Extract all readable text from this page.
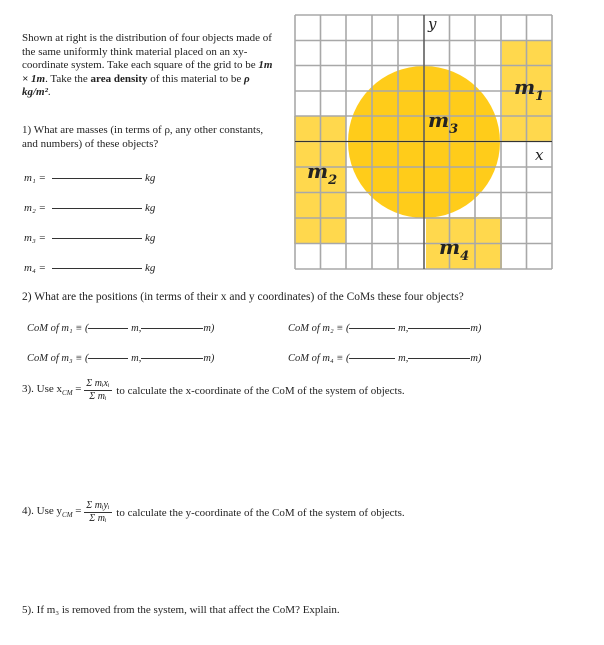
Shown at right is the distribution of four objects made of the same uniformly think material placed on an xy-coordinate system. Take each square of the grid to be 1m × 1m. Take the area density of this material to be ρ kg/m².
1) What are masses (in terms of ρ, any other constants, and numbers) of these objects?
m₁ =	kg
m₂ =	kg
m₃ =	kg
m₄ =	kg
2) What are the positions (in terms of their x and y coordinates) of the CoMs these four objects?
CoM of m₁ ≡ (	m,	m)	CoM of m₂ ≡ (	m,	m)
CoM of m₃ ≡ (	m,	m)	CoM of m₄ ≡ (	m,	m)
3). Use $x_{CM} = \frac{\text{Σ mᵢxᵢ}}{\text{Σ mᵢ}}$ to calculate the x-coordinate of the CoM of the system of objects.
4). Use $y_{CM} = \frac{\text{Σ mᵢyᵢ}}{\text{Σ mᵢ}}$ to calculate the y-coordinate of the CoM of the system of objects.
5). If m₃ is removed from the system, will that affect the CoM? Explain.
y
x
$m_1$
$m_2$
$m_3$
$m_4$
